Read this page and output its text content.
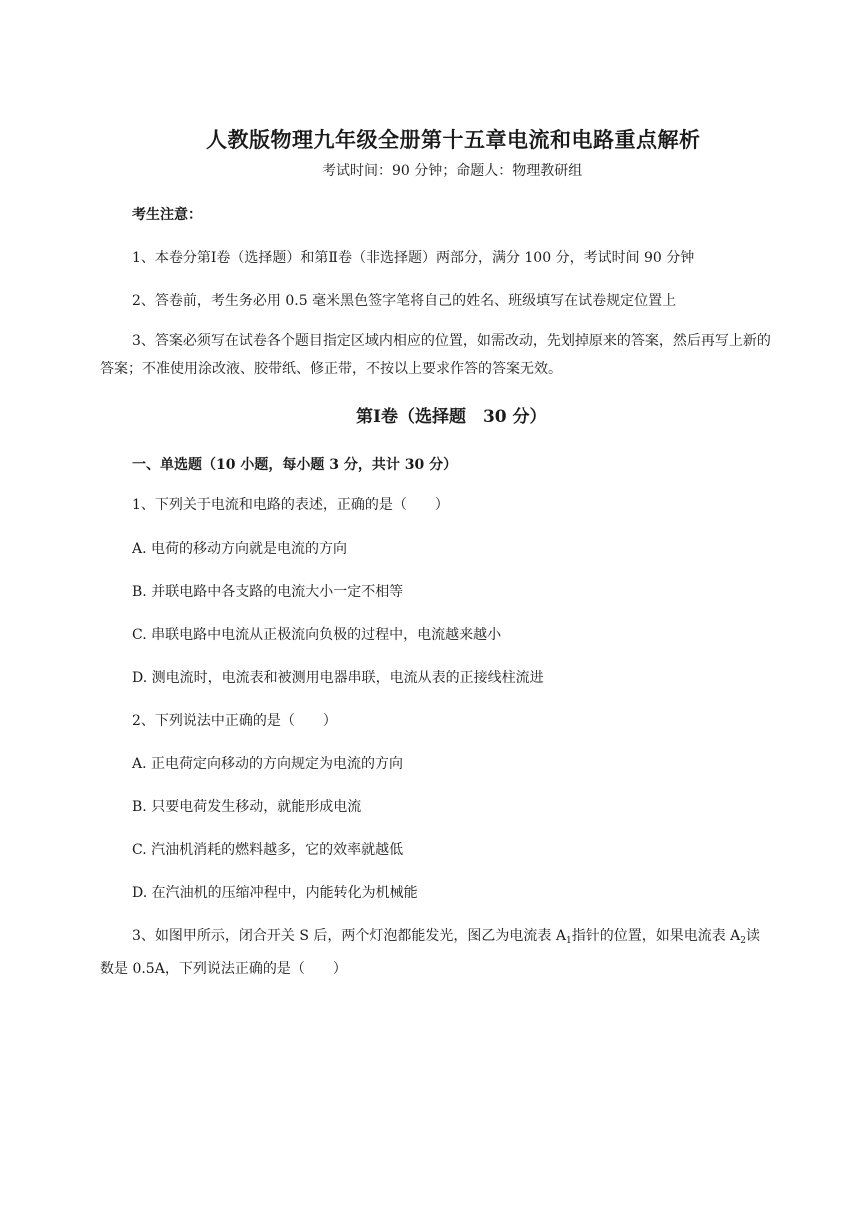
人教版物理九年级全册第十五章电流和电路重点解析
考试时间：90 分钟；命题人：物理教研组
考生注意：
1、本卷分第Ⅰ卷（选择题）和第Ⅱ卷（非选择题）两部分，满分 100 分，考试时间 90 分钟
2、答卷前，考生务必用 0.5 毫米黑色签字笔将自己的姓名、班级填写在试卷规定位置上
3、答案必须写在试卷各个题目指定区域内相应的位置，如需改动，先划掉原来的答案，然后再写上新的答案；不准使用涂改液、胶带纸、修正带，不按以上要求作答的答案无效。
第Ⅰ卷（选择题　30 分）
一、单选题（10 小题，每小题 3 分，共计 30 分）
1、下列关于电流和电路的表述，正确的是（　　）
A. 电荷的移动方向就是电流的方向
B. 并联电路中各支路的电流大小一定不相等
C. 串联电路中电流从正极流向负极的过程中，电流越来越小
D. 测电流时，电流表和被测用电器串联，电流从表的正接线柱流进
2、下列说法中正确的是（　　）
A. 正电荷定向移动的方向规定为电流的方向
B. 只要电荷发生移动，就能形成电流
C. 汽油机消耗的燃料越多，它的效率就越低
D. 在汽油机的压缩冲程中，内能转化为机械能
3、如图甲所示，闭合开关 S 后，两个灯泡都能发光，图乙为电流表 $A_1$指针的位置，如果电流表 $A_2$读数是 0.5A，下列说法正确的是（　　）
